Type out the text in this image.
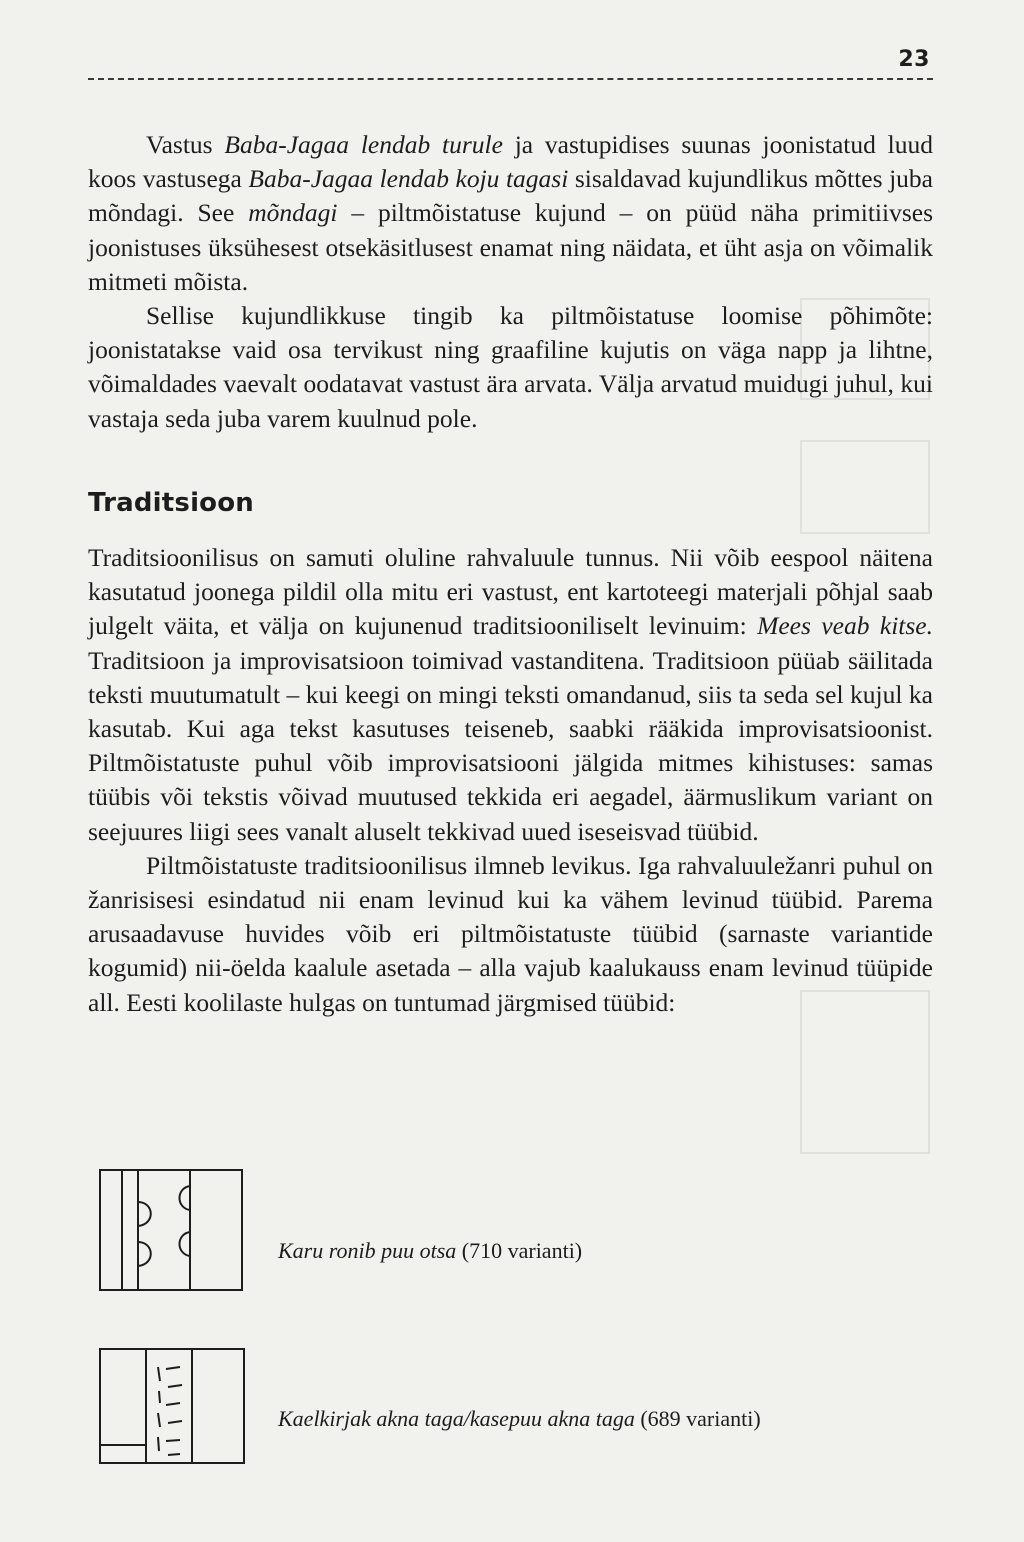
23

Vastus Baba-Jagaa lendab turule ja vastupidises suunas joonistatud luud koos vastusega Baba-Jagaa lendab koju tagasi sisaldavad kujundlikus mõttes juba mõndagi. See mõndagi – piltmõistatuse kujund – on püüd näha primitiivses joonistuses üksühesest otsekäsitlusest enamat ning näidata, et üht asja on võimalik mitmeti mõista.

Sellise kujundlikkuse tingib ka piltmõistatuse loomise põhimõte: joonistatakse vaid osa tervikust ning graafiline kujutis on väga napp ja lihtne, võimaldades vaevalt oodatavat vastust ära arvata. Välja arvatud muidugi juhul, kui vastaja seda juba varem kuulnud pole.

Traditsioon

Traditsioonilisus on samuti oluline rahvaluule tunnus. Nii võib eespool näitena kasutatud joonega pildil olla mitu eri vastust, ent kartoteegi materjali põhjal saab julgelt väita, et välja on kujunenud traditsiooniliselt levinuim: Mees veab kitse. Traditsioon ja improvisatsioon toimivad vastanditena. Traditsioon püüab säilitada teksti muutumatult – kui keegi on mingi teksti omandanud, siis ta seda sel kujul ka kasutab. Kui aga tekst kasutuses teiseneb, saabki rääkida improvisatsioonist. Piltmõistatuste puhul võib improvisatsiooni jälgida mitmes kihistuses: samas tüübis või tekstis võivad muutused tekkida eri aegadel, äärmuslikum variant on seejuures liigi sees vanalt aluselt tekkivad uued iseseisvad tüübid.

Piltmõistatuste traditsioonilisus ilmneb levikus. Iga rahvaluuležanri puhul on žanrisisesi esindatud nii enam levinud kui ka vähem levinud tüübid. Parema arusaadavuse huvides võib eri piltmõistatuste tüübid (sarnaste variantide kogumid) nii-öelda kaalule asetada – alla vajub kaalukauss enam levinud tüüpide all. Eesti koolilaste hulgas on tuntumad järgmised tüübid:

Karu ronib puu otsa (710 varianti)
Kaelkirjak akna taga/kasepuu akna taga (689 varianti)
